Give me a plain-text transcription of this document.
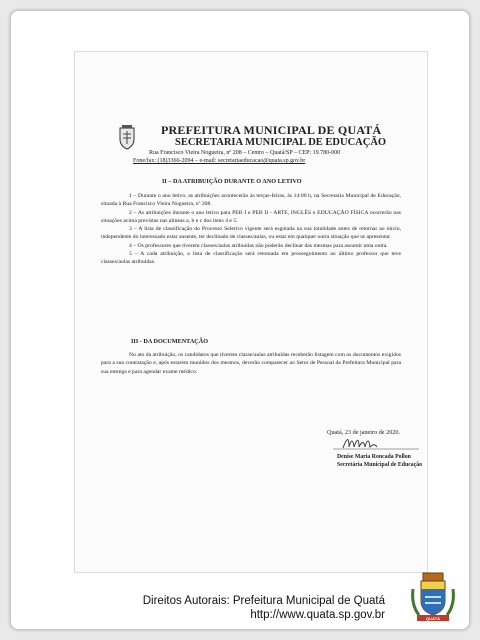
PREFEITURA MUNICIPAL DE QUATÁ
SECRETARIA MUNICIPAL DE EDUCAÇÃO
Rua Francisco Vieira Nogueira, nº 208 – Centro – Quatá/SP – CEP: 19.780-000
Fone/fax: (18)3366-2094 – e-mail: secretariaeducacao@quata.sp.gov.br
II – DA ATRIBUIÇÃO DURANTE O ANO LETIVO

1 – Durante o ano letivo, as atribuições acontecerão às terças-feiras, às 14:00 h, na Secretaria Municipal de Educação, situada à Rua Francisco Vieira Nogueira, nº 208.

2 – As atribuições durante o ano letivo para PEB I e PEB II - ARTE, INGLÊS e EDUCAÇÃO FÍSICA ocorrerão nas situações acima previstas nas alíneas a, b e c dos itens 4 e 5.

3 – A lista de classificação do Processo Seletivo vigente será esgotada na sua totalidade antes de retornar ao início, independente do interessado estar ausente, ter declinado de classes/aulas, ou estar em qualquer outra situação que se apresentar.

4 – Os professores que tiverem classes/aulas atribuídas não poderão declinar das mesmas para assumir uma outra.

5 – A cada atribuição, a lista de classificação será retomada em prosseguimento ao último professor que teve classes/aulas atribuídas.

III - DA DOCUMENTAÇÃO

No ato da atribuição, os candidatos que tiverem classe/aulas atribuídas receberão listagem com os documentos exigidos para a sua contratação e, após estarem munidos dos mesmos, deverão comparecer ao Setor de Pessoal da Prefeitura Municipal para sua entrega e para agendar exame médico.

Quatá, 23 de janeiro de 2020.
Denise Maria Roncada Pollon
Secretária Municipal de Educação
Direitos Autorais: Prefeitura Municipal de Quatá
http://www.quata.sp.gov.br	QUATÁ
